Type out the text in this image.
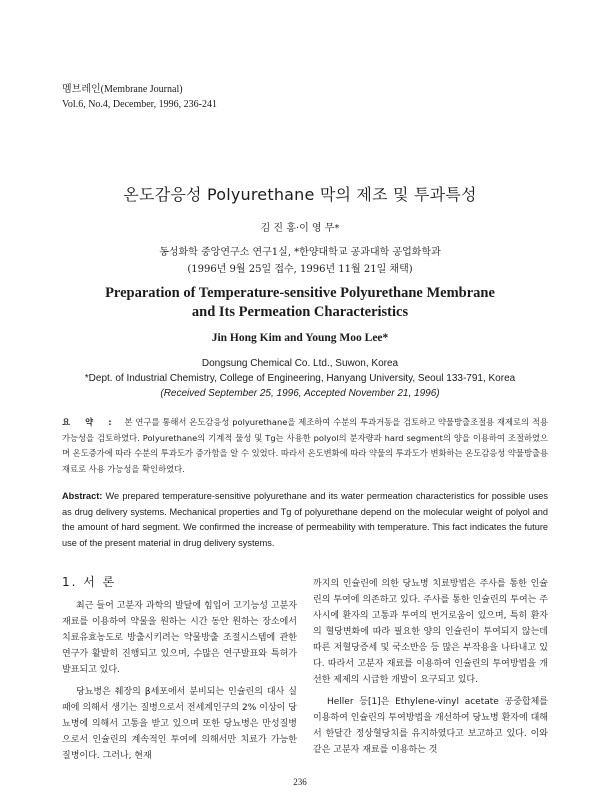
멤브레인(Membrane Journal)
Vol.6, No.4, December, 1996, 236-241
온도감응성 Polyurethane 막의 제조 및 투과특성
김 진 홍·이 영 무*
동성화학 중앙연구소 연구1실, *한양대학교 공과대학 공업화학과
(1996년 9월 25일 접수, 1996년 11월 21일 채택)
Preparation of Temperature-sensitive Polyurethane Membrane
and Its Permeation Characteristics
Jin Hong Kim and Young Moo Lee*
Dongsung Chemical Co. Ltd., Suwon, Korea
*Dept. of Industrial Chemistry, College of Engineering, Hanyang University, Seoul 133-791, Korea
(Received September 25, 1996, Accepted November 21, 1996)
요 약 : 본 연구를 통해서 온도감응성 polyurethane을 제조하여 수분의 투과거동을 검토하고 약물방출조절용 재제로의 적용가능성을 검토하였다. Polyurethane의 기계적 물성 및 Tg는 사용한 polyol의 분자량과 hard segment의 양을 이용하여 조절하였으며 온도증가에 따라 수분의 투과도가 증가함을 알 수 있었다. 따라서 온도변화에 따라 약물의 투과도가 변화하는 온도감응성 약물방출용 재료로 사용 가능성을 확인하였다.
Abstract: We prepared temperature-sensitive polyurethane and its water permeation characteristics for possible uses as drug delivery systems. Mechanical properties and Tg of polyurethane depend on the molecular weight of polyol and the amount of hard segment. We confirmed the increase of permeability with temperature. This fact indicates the future use of the present material in drug delivery systems.
1. 서 론

최근 들어 고분자 과학의 발달에 힘입어 고기능성 고분자재료를 이용하여 약물을 원하는 시간 동안 원하는 장소에서 치료유효농도로 방출시키려는 약물방출 조절시스템에 관한 연구가 활발히 진행되고 있으며, 수많은 연구발표와 특허가 발표되고 있다.

당뇨병은 췌장의 β세포에서 분비되는 인슐린의 대사 실패에 의해서 생기는 질병으로서 전세계인구의 2% 이상이 당뇨병에 의해서 고통을 받고 있으며 또한 당뇨병은 만성질병으로서 인슐린의 계속적인 투여에 의해서만 치료가 가능한 질병이다. 그러나, 현재

까지의 인슐린에 의한 당뇨병 치료방법은 주사를 통한 인슐린의 투여에 의존하고 있다. 주사를 통한 인슐린의 투여는 주사시에 환자의 고통과 투여의 번거로움이 있으며, 특히 환자의 혈당변화에 따라 필요한 양의 인슐린이 투여되지 않는데 따른 저혈당증세 및 국소반응 등 많은 부작용을 나타내고 있다. 따라서 고분자 재료를 이용하여 인슐린의 투여방법을 개선한 제제의 시급한 개발이 요구되고 있다.

Heller 등[1]은 Ethylene-vinyl acetate 공중합체를 이용하여 인슐린의 투여방법을 개선하여 당뇨병 환자에 대해서 한달간 정상혈당치를 유지하였다고 보고하고 있다. 이와 같은 고분자 재료를 이용하는 것

236
